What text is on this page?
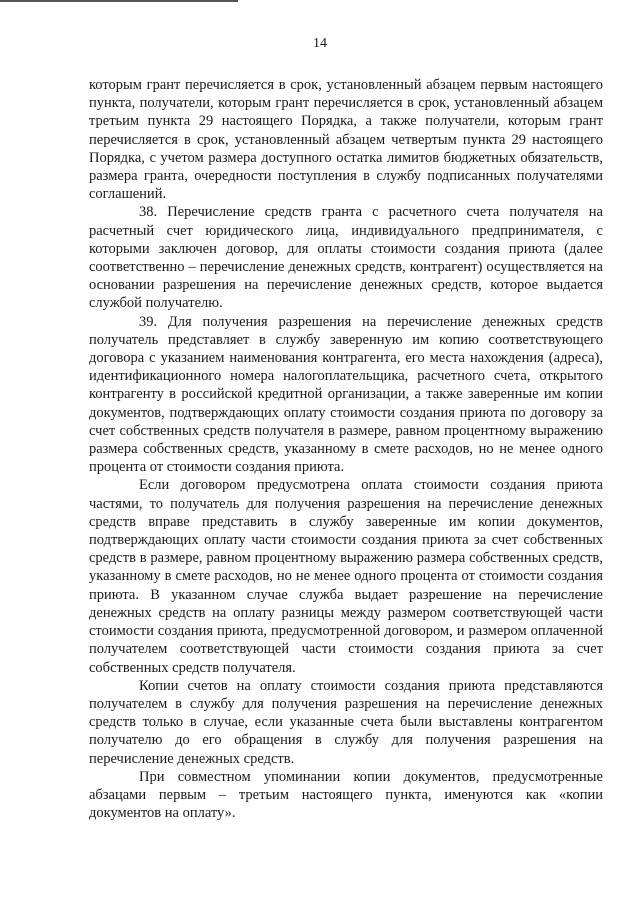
14

которым грант перечисляется в срок, установленный абзацем первым настоящего пункта, получатели, которым грант перечисляется в срок, установленный абзацем третьим пункта 29 настоящего Порядка, а также получатели, которым грант перечисляется в срок, установленный абзацем четвертым пункта 29 настоящего Порядка, с учетом размера доступного остатка лимитов бюджетных обязательств, размера гранта, очередности поступления в службу подписанных получателями соглашений.

38. Перечисление средств гранта с расчетного счета получателя на расчетный счет юридического лица, индивидуального предпринимателя, с которыми заключен договор, для оплаты стоимости создания приюта (далее соответственно – перечисление денежных средств, контрагент) осуществляется на основании разрешения на перечисление денежных средств, которое выдается службой получателю.

39. Для получения разрешения на перечисление денежных средств получатель представляет в службу заверенную им копию соответствующего договора с указанием наименования контрагента, его места нахождения (адреса), идентификационного номера налогоплательщика, расчетного счета, открытого контрагенту в российской кредитной организации, а также заверенные им копии документов, подтверждающих оплату стоимости создания приюта по договору за счет собственных средств получателя в размере, равном процентному выражению размера собственных средств, указанному в смете расходов, но не менее одного процента от стоимости создания приюта.

Если договором предусмотрена оплата стоимости создания приюта частями, то получатель для получения разрешения на перечисление денежных средств вправе представить в службу заверенные им копии документов, подтверждающих оплату части стоимости создания приюта за счет собственных средств в размере, равном процентному выражению размера собственных средств, указанному в смете расходов, но не менее одного процента от стоимости создания приюта. В указанном случае служба выдает разрешение на перечисление денежных средств на оплату разницы между размером соответствующей части стоимости создания приюта, предусмотренной договором, и размером оплаченной получателем соответствующей части стоимости создания приюта за счет собственных средств получателя.

Копии счетов на оплату стоимости создания приюта представляются получателем в службу для получения разрешения на перечисление денежных средств только в случае, если указанные счета были выставлены контрагентом получателю до его обращения в службу для получения разрешения на перечисление денежных средств.

При совместном упоминании копии документов, предусмотренные абзацами первым – третьим настоящего пункта, именуются как «копии документов на оплату».
